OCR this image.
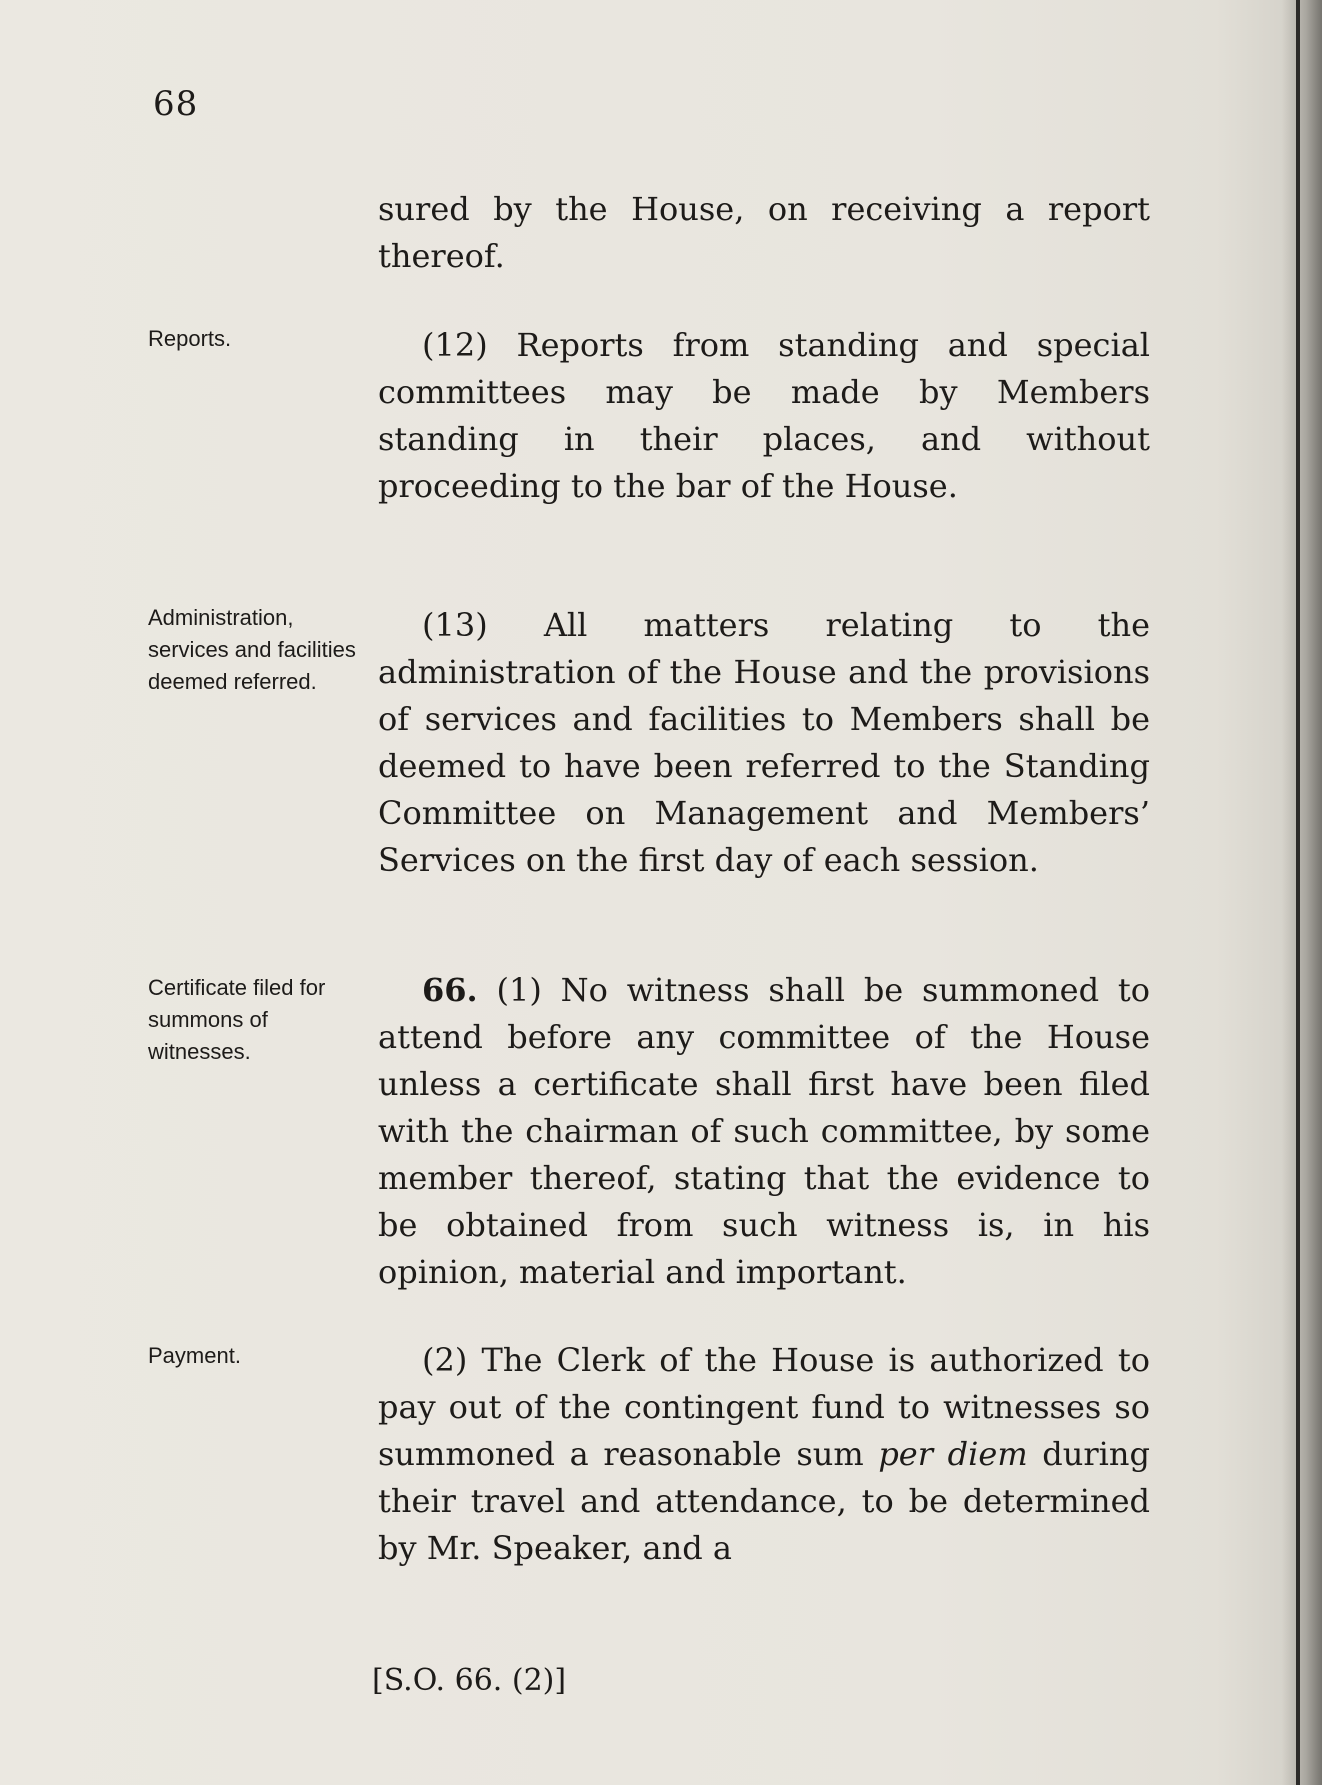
68

sured by the House, on receiving a report thereof.

Reports.	(12) Reports from standing and special committees may be made by Members standing in their places, and without proceeding to the bar of the House.

Administration, services and facilities deemed referred.

(13) All matters relating to the administration of the House and the provisions of services and facilities to Members shall be deemed to have been referred to the Standing Committee on Management and Members’ Services on the first day of each session.

Certificate filed for summons of witnesses.

66. (1) No witness shall be summoned to attend before any committee of the House unless a certificate shall first have been filed with the chairman of such committee, by some member thereof, stating that the evidence to be obtained from such witness is, in his opinion, material and important.

Payment.	(2) The Clerk of the House is authorized to pay out of the contingent fund to witnesses so summoned a reasonable sum per diem during their travel and attendance, to be determined by Mr. Speaker, and a

[S.O. 66. (2)]
